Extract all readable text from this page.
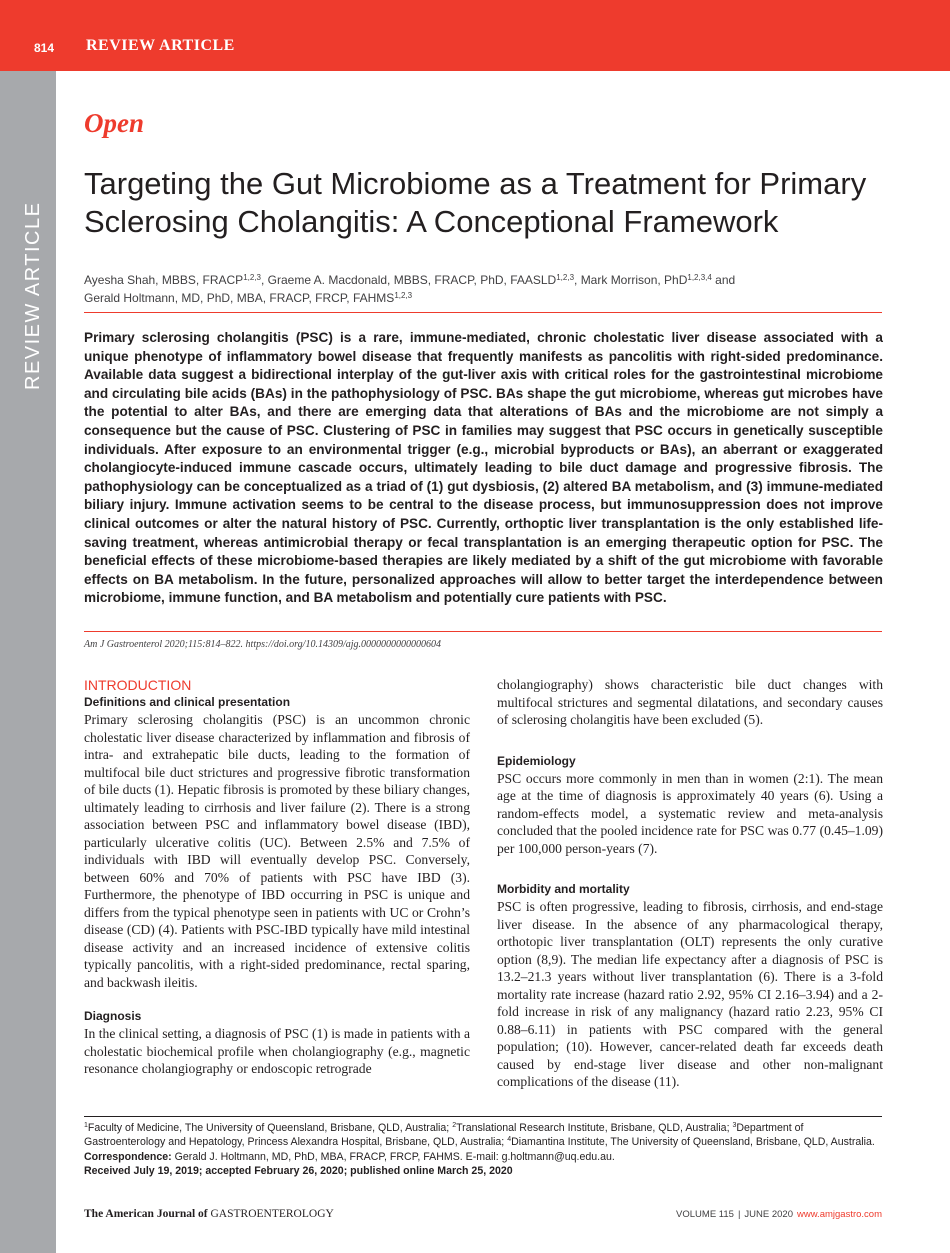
814 REVIEW ARTICLE
REVIEW ARTICLE
Open
Targeting the Gut Microbiome as a Treatment for Primary Sclerosing Cholangitis: A Conceptional Framework
Ayesha Shah, MBBS, FRACP$^{1,2,3}$, Graeme A. Macdonald, MBBS, FRACP, PhD, FAASLD$^{1,2,3}$, Mark Morrison, PhD$^{1,2,3,4}$ and
Gerald Holtmann, MD, PhD, MBA, FRACP, FRCP, FAHMS$^{1,2,3}$

Primary sclerosing cholangitis (PSC) is a rare, immune-mediated, chronic cholestatic liver disease associated with a unique phenotype of inflammatory bowel disease that frequently manifests as pancolitis with right-sided predominance. Available data suggest a bidirectional interplay of the gut-liver axis with critical roles for the gastrointestinal microbiome and circulating bile acids (BAs) in the pathophysiology of PSC. BAs shape the gut microbiome, whereas gut microbes have the potential to alter BAs, and there are emerging data that alterations of BAs and the microbiome are not simply a consequence but the cause of PSC. Clustering of PSC in families may suggest that PSC occurs in genetically susceptible individuals. After exposure to an environmental trigger (e.g., microbial byproducts or BAs), an aberrant or exaggerated cholangiocyte-induced immune cascade occurs, ultimately leading to bile duct damage and progressive fibrosis. The pathophysiology can be conceptualized as a triad of (1) gut dysbiosis, (2) altered BA metabolism, and (3) immune-mediated biliary injury. Immune activation seems to be central to the disease process, but immunosuppression does not improve clinical outcomes or alter the natural history of PSC. Currently, orthoptic liver transplantation is the only established life-saving treatment, whereas antimicrobial therapy or fecal transplantation is an emerging therapeutic option for PSC. The beneficial effects of these microbiome-based therapies are likely mediated by a shift of the gut microbiome with favorable effects on BA metabolism. In the future, personalized approaches will allow to better target the interdependence between microbiome, immune function, and BA metabolism and potentially cure patients with PSC.

Am J Gastroenterol 2020;115:814–822. https://doi.org/10.14309/ajg.0000000000000604
INTRODUCTION
Definitions and clinical presentation

Primary sclerosing cholangitis (PSC) is an uncommon chronic cholestatic liver disease characterized by inflammation and fibrosis of intra- and extrahepatic bile ducts, leading to the formation of multifocal bile duct strictures and progressive fibrotic transformation of bile ducts (1). Hepatic fibrosis is promoted by these biliary changes, ultimately leading to cirrhosis and liver failure (2). There is a strong association between PSC and inflammatory bowel disease (IBD), particularly ulcerative colitis (UC). Between 2.5% and 7.5% of individuals with IBD will eventually develop PSC. Conversely, between 60% and 70% of patients with PSC have IBD (3). Furthermore, the phenotype of IBD occurring in PSC is unique and differs from the typical phenotype seen in patients with UC or Crohn’s disease (CD) (4). Patients with PSC-IBD typically have mild intestinal disease activity and an increased incidence of extensive colitis typically pancolitis, with a right-sided predominance, rectal sparing, and backwash ileitis.

Diagnosis

In the clinical setting, a diagnosis of PSC (1) is made in patients with a cholestatic biochemical profile when cholangiography (e.g., magnetic resonance cholangiography or endoscopic retrograde

cholangiography) shows characteristic bile duct changes with multifocal strictures and segmental dilatations, and secondary causes of sclerosing cholangitis have been excluded (5).

Epidemiology

PSC occurs more commonly in men than in women (2:1). The mean age at the time of diagnosis is approximately 40 years (6). Using a random-effects model, a systematic review and meta-analysis concluded that the pooled incidence rate for PSC was 0.77 (0.45–1.09) per 100,000 person-years (7).

Morbidity and mortality

PSC is often progressive, leading to fibrosis, cirrhosis, and end-stage liver disease. In the absence of any pharmacological therapy, orthotopic liver transplantation (OLT) represents the only curative option (8,9). The median life expectancy after a diagnosis of PSC is 13.2–21.3 years without liver transplantation (6). There is a 3-fold mortality rate increase (hazard ratio 2.92, 95% CI 2.16–3.94) and a 2-fold increase in risk of any malignancy (hazard ratio 2.23, 95% CI 0.88–6.11) in patients with PSC compared with the general population; (10). However, cancer-related death far exceeds death caused by end-stage liver disease and other non-malignant complications of the disease (11).

$^1$Faculty of Medicine, The University of Queensland, Brisbane, QLD, Australia; $^2$Translational Research Institute, Brisbane, QLD, Australia; $^3$Department of Gastroenterology and Hepatology, Princess Alexandra Hospital, Brisbane, QLD, Australia; $^4$Diamantina Institute, The University of Queensland, Brisbane, QLD, Australia. Correspondence: Gerald J. Holtmann, MD, PhD, MBA, FRACP, FRCP, FAHMS. E-mail: g.holtmann@uq.edu.au.
Received July 19, 2019; accepted February 26, 2020; published online March 25, 2020
The American Journal of GASTROENTEROLOGY	VOLUME 115 | JUNE 2020 www.amjgastro.com
